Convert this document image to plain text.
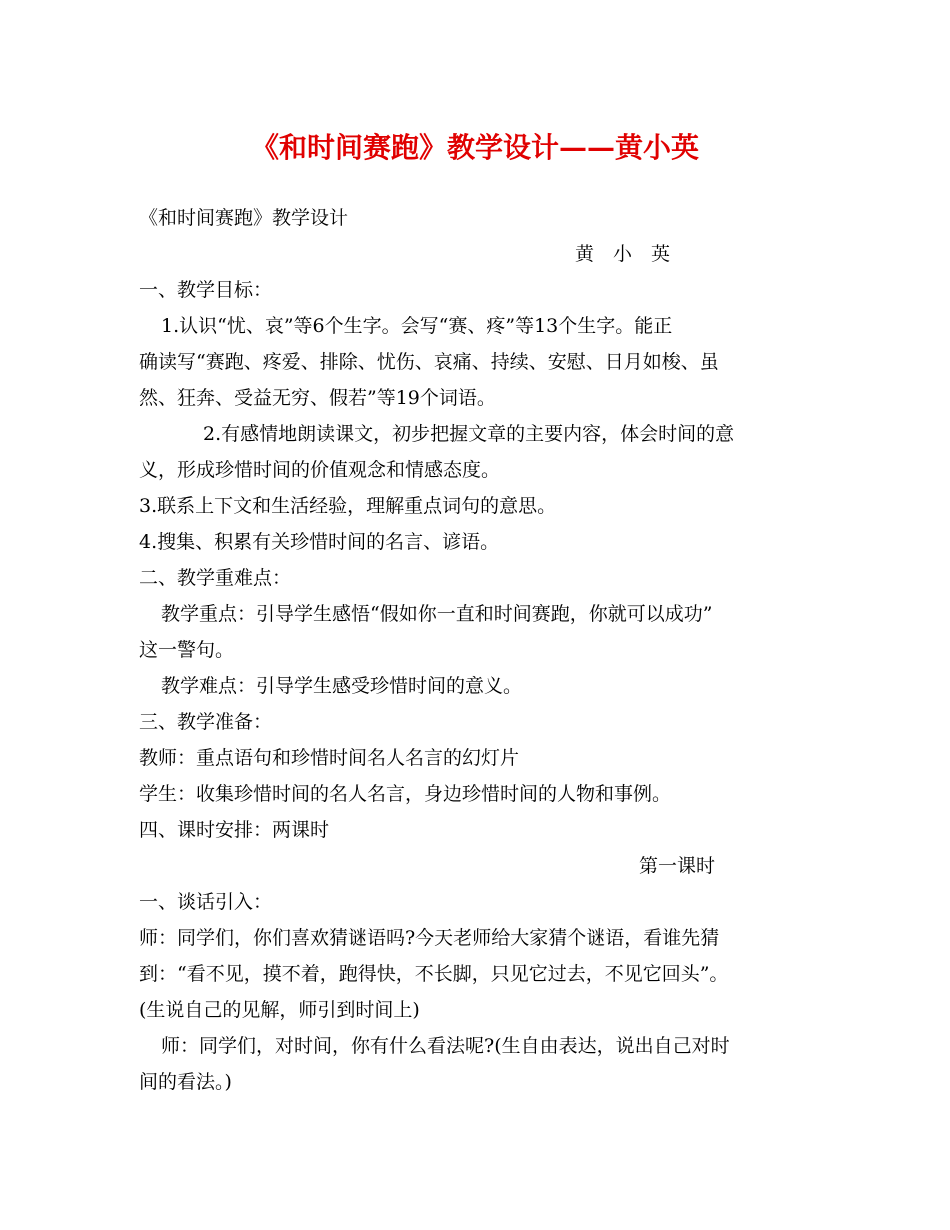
《和时间赛跑》教学设计——黄小英
《和时间赛跑》教学设计
黄　小　英
一、教学目标：
1.认识“忧、哀”等6个生字。会写“赛、疼”等13个生字。能正
确读写“赛跑、疼爱、排除、忧伤、哀痛、持续、安慰、日月如梭、虽
然、狂奔、受益无穷、假若”等19个词语。
2.有感情地朗读课文，初步把握文章的主要内容，体会时间的意
义，形成珍惜时间的价值观念和情感态度。
3.联系上下文和生活经验，理解重点词句的意思。
4.搜集、积累有关珍惜时间的名言、谚语。
二、教学重难点：
教学重点：引导学生感悟“假如你一直和时间赛跑，你就可以成功”
这一警句。
教学难点：引导学生感受珍惜时间的意义。
三、教学准备：
教师：重点语句和珍惜时间名人名言的幻灯片
学生：收集珍惜时间的名人名言，身边珍惜时间的人物和事例。
四、课时安排：两课时
第一课时
一、谈话引入：
师：同学们，你们喜欢猜谜语吗?今天老师给大家猜个谜语，看谁先猜
到：“看不见，摸不着，跑得快，不长脚，只见它过去，不见它回头”。
(生说自己的见解，师引到时间上)
师：同学们，对时间，你有什么看法呢?(生自由表达，说出自己对时
间的看法。)
